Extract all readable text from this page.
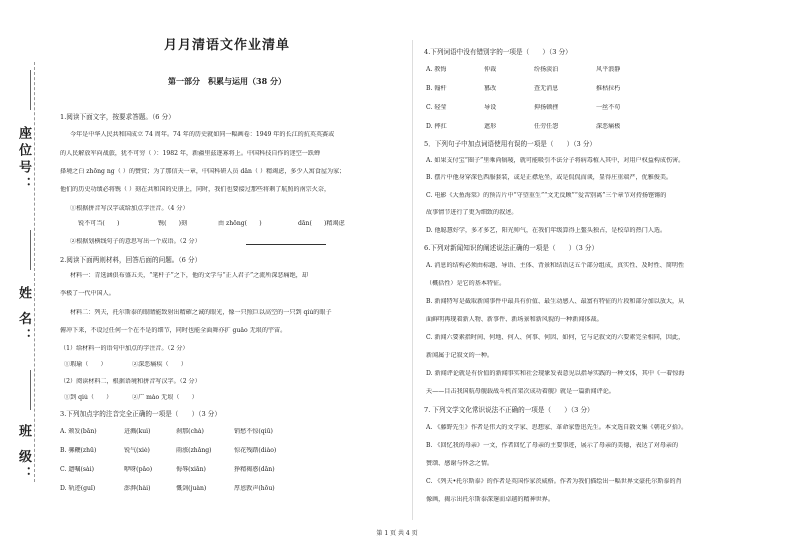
座位号：
姓 名：
班 级：
月月清语文作业清单
第一部分　积累与运用（38 分）
1.阅读下面文字，按要求答题。（6 分）
今年是中华人民共和国成立 74 周年。74 年的历史就如同一幅画卷：1949 年的长江的抗英英赛或
的人民解放军向战旅，犹不可穷（ ）：1982 年，新疆里兹逐寡将上。中国科技自作的迷空一跃蝉
择境之白 zhōng ng（ ）的赞赏；为了那信天一章，中国科研人员 dān（ ）精竭虑，多少人寓食屋为家；
他们的历史功绩必将镌（ ）刻在共和国的史册上，同时，我们也要接过那些将剩了航照的南宗火奈，
①根据拼音写汉字或给加点字注音。（4 分）
锐不可当(　　)	镌(　　)刻	由 zhōng(　　)	dān(　　)精竭虑
②根据划横线句子的意思写出一个成语。（2 分）
2.阅读下面两则材料，回答后面的问题。（6 分）
材料一：青选涵俱布盛五关，“笔杆子”之下，他的文学与“正人君子”之流所深恶痛绝，却
李极了一代中国人。
材料二：列夫，托尔斯泰的眼睛能致射出精確之诚的眼光，像一只照巨以高空的一只到 qiú的眼子
俯冲下来，不设过任何一个在不是的细节，同时也能全面舞亦扩 guǎo 无垠的宇宙。
（1）给材料一的语句中加点的字注音。（2 分）
①瑕瑜（　　）	②深恶痛疾（　　）
（2）阅读材料二，根据语境和拼音写汉字。（2 分）
①到 qiú（　　）	②广 mào 无垠（　　）
3.下列加点字的注音完全正确的一项是（　　）（3 分）
A. 颁发(bān)	迸溅(kuì)	刹那(chà)	销愁不惊(qiū)
B. 骡鞭(zhū)	锐气(xiè)	雨涨(zhǎng)	惊花残踏(diào)
C. 遗嘱(sài)	咿呀(pǎo)	侮辱(xiān)	狰精褐惑(dān)
D. 轨迹(guǐ)	澎湃(hài)	慨剑(juàn)	厚恩敦声(hōu)
4.下列词语中没有错别字的一项是（　　）（3 分）
A. 教悔	仲裁	纷扬淡泊	风平浪静
B. 翰杆	篡改	查无消息	推枯拉朽
C. 轻莹	导设	抑扬顿挫	一丝不苟
D. 摔扛	遮形	任劳任怨	深恶痛极
5．下列句子中加点词语使用有误的一项是（　　）（3 分）
A. 如果支付宝“圈子”里乘尚犒唛，就可能吸引不法分子将病毒植入其中，对用户权益构成伤害。
B. 摆片中他身穿深色西服套装，或是正襟危坐，或是侃侃而谈，显得庄重端严，优雅俊美。
C. 电影《大鱼海棠》的预告片中“守望重生”“文无反顾”“爱苦别离”三个章节对持扬铿锵的
故事情节进行了更为细致的叙述。
D. 他聪慧好学，多才多艺，阳光帅气，在我们年级算得上鳌头独占，是校草的热门人选。
6.下列对新闻知识的阐述说法正确的一项是（　　）（3 分）
A. 消息的结构必须由标题、导语、主体、背景和结语这五个部分组成，真实性、及时性、简明性
（概括性）是它的基本特征。
B. 新闻特写是截取新闻事件中最具有价值、最生动感人、最富有特征的片段和部分加以放大，从
面鲜明再现着新人物、新事件、新场景和新风貌的一种新闻体裁。
C. 新闻六要素指时间、何地、何人、何事、何因、如何，它与记叙文的六要素完全相同，因此，
新闻属于记叙文的一种。
D. 新闻评论就是有价值的新闻事实和社会现象发表意见以指导实践的一种文体，其中《一着惊海
天——目击我国航母舰载战斗机首架次成功着舰》就是一篇新闻评论。
7. 下列文学文化常识说法不正确的一项是（　　）（3 分）
A. 《藤野先生》作者是伟大的文学家、思想家、革命家鲁迅先生。本文选自散文集《朝花夕拾》。
B. 《回忆我的母亲》一文，作者回忆了母亲的主要事迹，展示了母亲的美德，表达了对母亲的
赞颂、感谢与怀念之情。
C. 《列夫•托尔斯泰》的作者是英国作家茨威格。作者为我们描绘出一幅世界文豪托尔斯泰的肖
像画，揭示出托尔斯泰深邃而卓越的精神世界。
第 1 页 共 4 页
